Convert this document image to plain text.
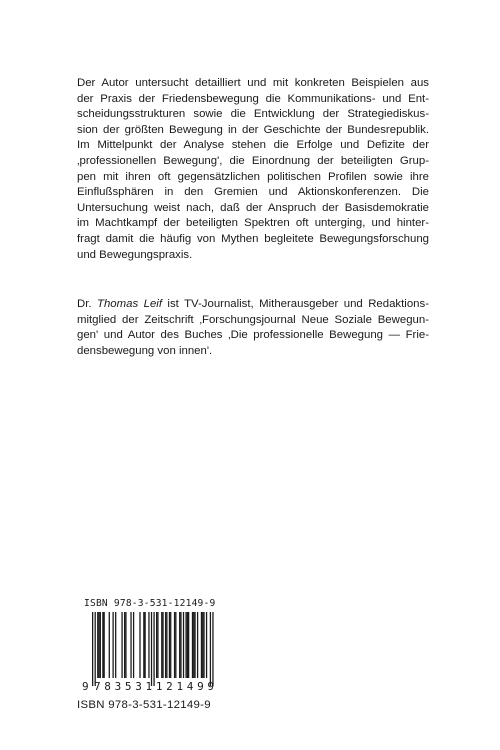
Der Autor untersucht detailliert und mit konkreten Beispielen aus
der Praxis der Friedensbewegung die Kommunikations- und Ent-
scheidungsstrukturen sowie die Entwicklung der Strategiediskus-
sion der größten Bewegung in der Geschichte der Bundesrepublik.
Im Mittelpunkt der Analyse stehen die Erfolge und Defizite der
‚professionellen Bewegung', die Einordnung der beteiligten Grup-
pen mit ihren oft gegensätzlichen politischen Profilen sowie ihre
Einflußsphären in den Gremien und Aktionskonferenzen. Die
Untersuchung weist nach, daß der Anspruch der Basisdemokratie
im Machtkampf der beteiligten Spektren oft unterging, und hinter-
fragt damit die häufig von Mythen begleitete Bewegungsforschung
und Bewegungspraxis.
Dr. Thomas Leif ist TV-Journalist, Mitherausgeber und Redaktions-
mitglied der Zeitschrift ‚Forschungsjournal Neue Soziale Bewegun-
gen' und Autor des Buches ‚Die professionelle Bewegung — Frie-
densbewegung von innen'.
ISBN 978-3-531-12149-9
9 783531121499
ISBN 978-3-531-12149-9
